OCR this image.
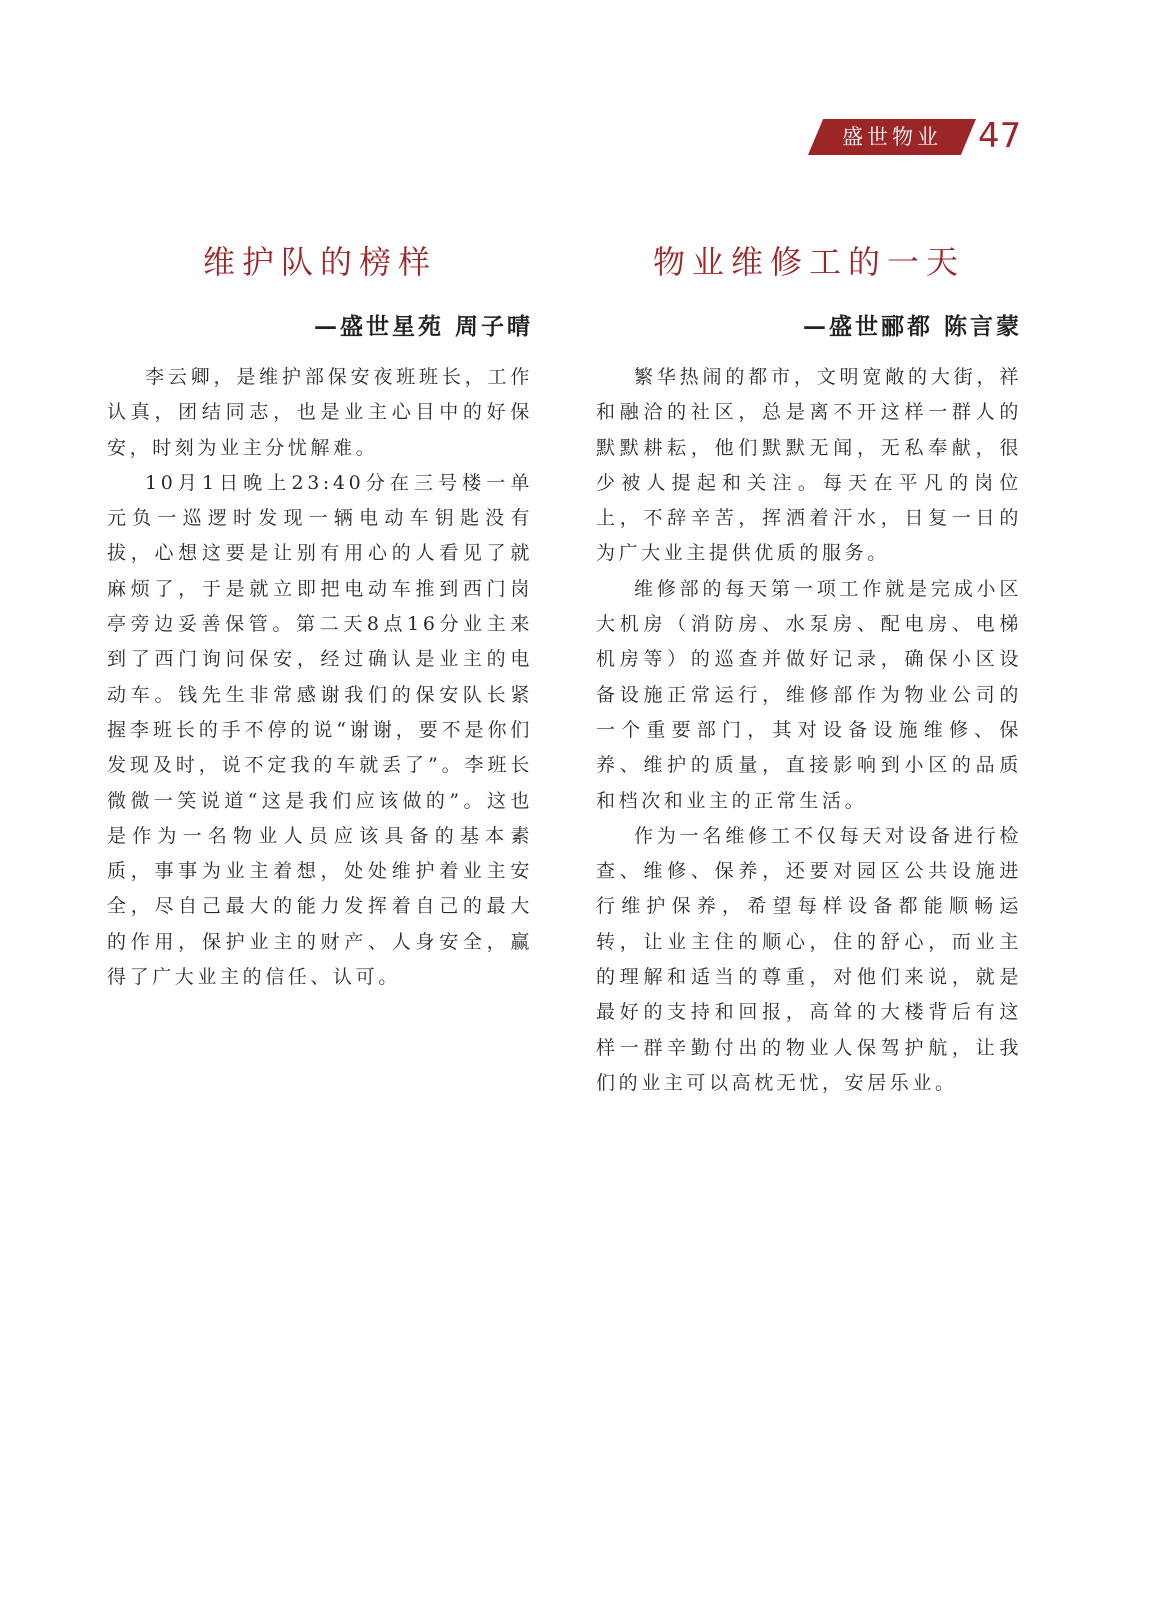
盛世物业	47
维护队的榜样
—盛世星苑 周子晴

李云卿，是维护部保安夜班班长，工作认真，团结同志，也是业主心目中的好保安，时刻为业主分忧解难。

10月1日晚上23:40分在三号楼一单元负一巡逻时发现一辆电动车钥匙没有拔，心想这要是让别有用心的人看见了就麻烦了，于是就立即把电动车推到西门岗亭旁边妥善保管。第二天8点16分业主来到了西门询问保安，经过确认是业主的电动车。钱先生非常感谢我们的保安队长紧握李班长的手不停的说“谢谢，要不是你们发现及时，说不定我的车就丢了”。李班长微微一笑说道“这是我们应该做的”。这也是作为一名物业人员应该具备的基本素质，事事为业主着想，处处维护着业主安全，尽自己最大的能力发挥着自己的最大的作用，保护业主的财产、人身安全，赢得了广大业主的信任、认可。

物业维修工的一天
—盛世郦都 陈言蒙

繁华热闹的都市，文明宽敞的大街，祥和融洽的社区，总是离不开这样一群人的默默耕耘，他们默默无闻，无私奉献，很少被人提起和关注。每天在平凡的岗位上，不辞辛苦，挥洒着汗水，日复一日的为广大业主提供优质的服务。

维修部的每天第一项工作就是完成小区大机房（消防房、水泵房、配电房、电梯机房等）的巡查并做好记录，确保小区设备设施正常运行，维修部作为物业公司的一个重要部门，其对设备设施维修、保养、维护的质量，直接影响到小区的品质和档次和业主的正常生活。

作为一名维修工不仅每天对设备进行检查、维修、保养，还要对园区公共设施进行维护保养，希望每样设备都能顺畅运转，让业主住的顺心，住的舒心，而业主的理解和适当的尊重，对他们来说，就是最好的支持和回报，高耸的大楼背后有这样一群辛勤付出的物业人保驾护航，让我们的业主可以高枕无忧，安居乐业。
